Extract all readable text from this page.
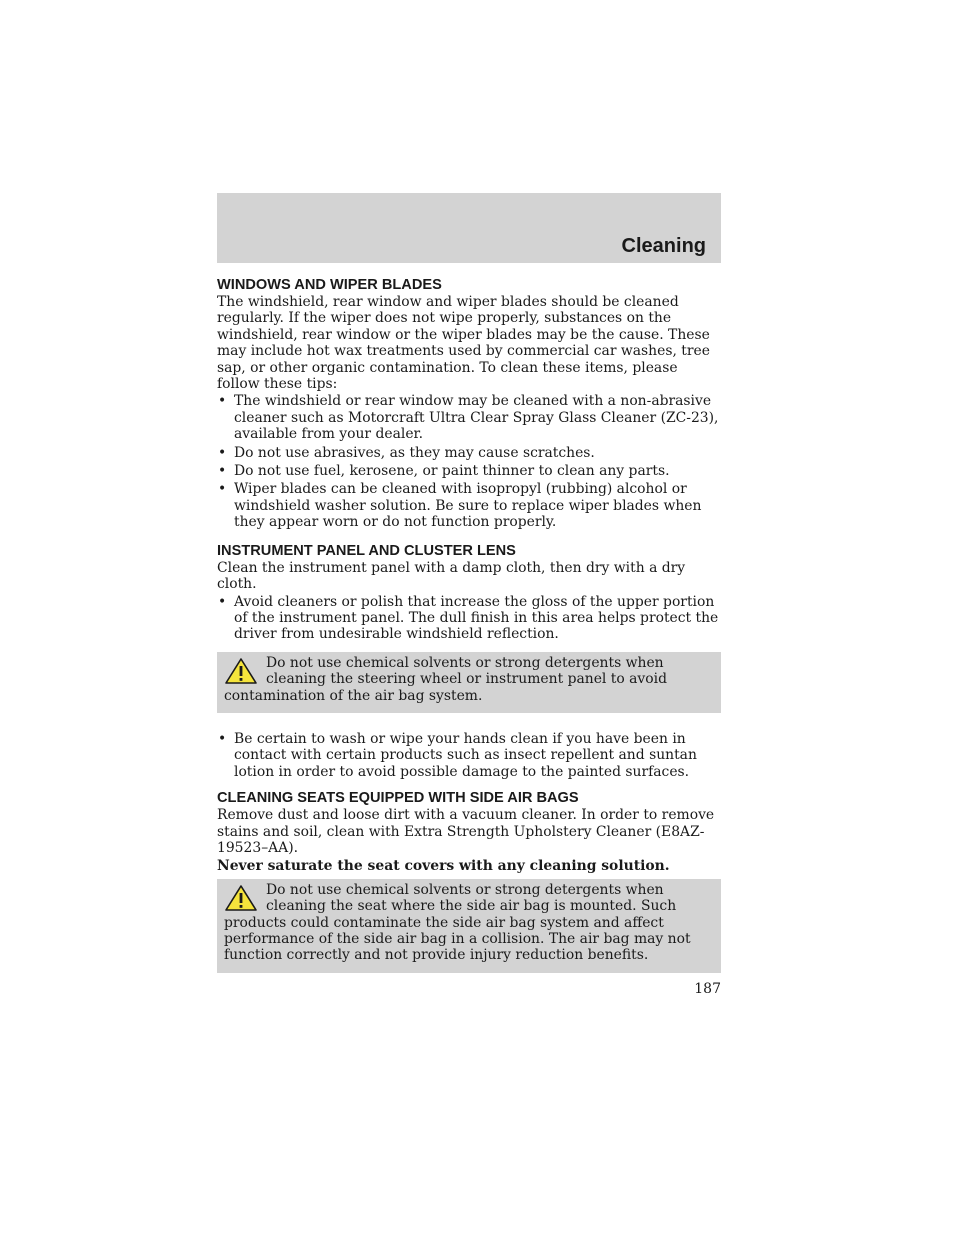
Cleaning
WINDOWS AND WIPER BLADES

The windshield, rear window and wiper blades should be cleaned regularly. If the wiper does not wipe properly, substances on the windshield, rear window or the wiper blades may be the cause. These may include hot wax treatments used by commercial car washes, tree sap, or other organic contamination. To clean these items, please follow these tips:

• The windshield or rear window may be cleaned with a non-abrasive cleaner such as Motorcraft Ultra Clear Spray Glass Cleaner (ZC-23), available from your dealer.
• Do not use abrasives, as they may cause scratches.
• Do not use fuel, kerosene, or paint thinner to clean any parts.
• Wiper blades can be cleaned with isopropyl (rubbing) alcohol or windshield washer solution. Be sure to replace wiper blades when they appear worn or do not function properly.
INSTRUMENT PANEL AND CLUSTER LENS

Clean the instrument panel with a damp cloth, then dry with a dry cloth.

• Avoid cleaners or polish that increase the gloss of the upper portion of the instrument panel. The dull finish in this area helps protect the driver from undesirable windshield reflection.
Do not use chemical solvents or strong detergents when cleaning the steering wheel or instrument panel to avoid contamination of the air bag system.
• Be certain to wash or wipe your hands clean if you have been in contact with certain products such as insect repellent and suntan lotion in order to avoid possible damage to the painted surfaces.
CLEANING SEATS EQUIPPED WITH SIDE AIR BAGS

Remove dust and loose dirt with a vacuum cleaner. In order to remove stains and soil, clean with Extra Strength Upholstery Cleaner (E8AZ-19523–AA).

Never saturate the seat covers with any cleaning solution.

Do not use chemical solvents or strong detergents when cleaning the seat where the side air bag is mounted. Such products could contaminate the side air bag system and affect performance of the side air bag in a collision. The air bag may not function correctly and not provide injury reduction benefits.
187
